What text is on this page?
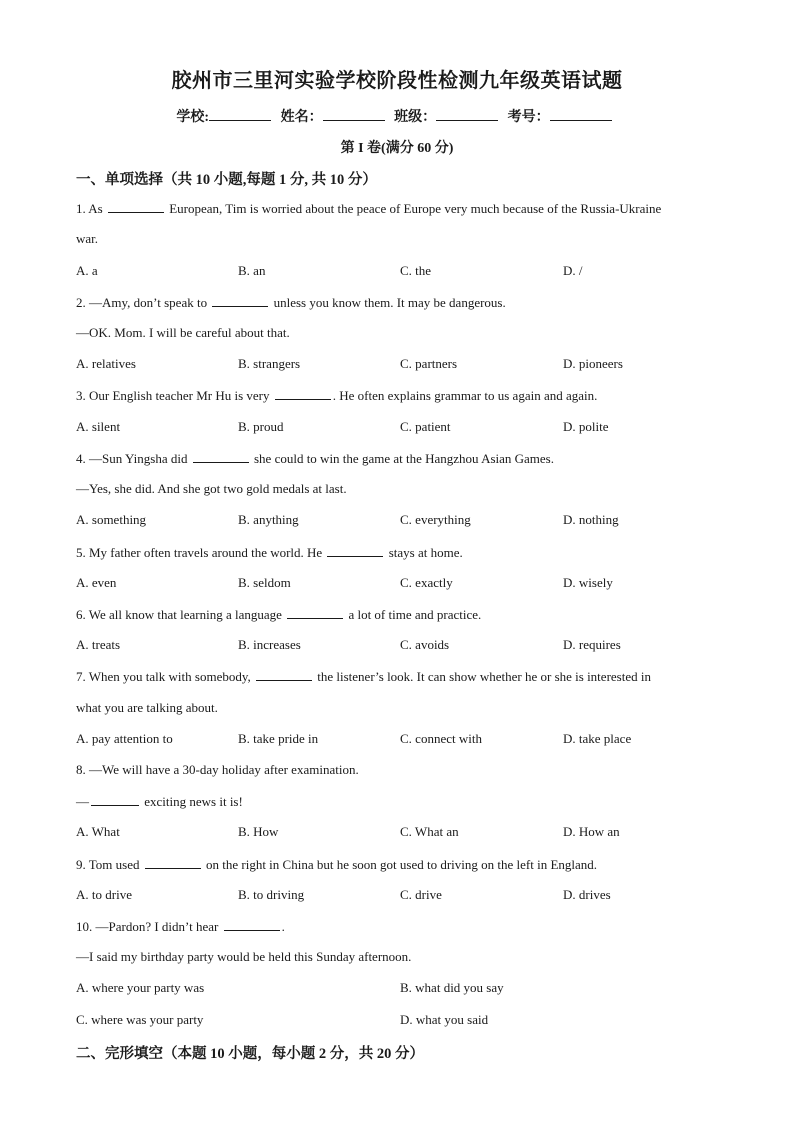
胶州市三里河实验学校阶段性检测九年级英语试题
学校:	姓名：	班级：	考号：
第 I 卷(满分 60 分)
一、单项选择（共 10 小题,每题 1 分, 共 10 分）
1. As	European, Tim is worried about the peace of Europe very much because of the Russia-Ukraine
war.
A. a	B. an	C. the	D. /
2. —Amy, don’t speak to	unless you know them. It may be dangerous.
—OK. Mom. I will be careful about that.
A. relatives	B. strangers	C. partners	D. pioneers
3. Our English teacher Mr Hu is very	. He often explains grammar to us again and again.
A. silent	B. proud	C. patient	D. polite
4. —Sun Yingsha did	she could to win the game at the Hangzhou Asian Games.
—Yes, she did. And she got two gold medals at last.
A. something	B. anything	C. everything	D. nothing
5. My father often travels around the world. He	stays at home.
A. even	B. seldom	C. exactly	D. wisely
6. We all know that learning a language	a lot of time and practice.
A. treats	B. increases	C. avoids	D. requires
7. When you talk with somebody,	the listener’s look. It can show whether he or she is interested in
what you are talking about.
A. pay attention to	B. take pride in	C. connect with	D. take place
8. —We will have a 30-day holiday after examination.
—	exciting news it is!
A. What	B. How	C. What an	D. How an
9. Tom used	on the right in China but he soon got used to driving on the left in England.
A. to drive	B. to driving	C. drive	D. drives
10. —Pardon? I didn’t hear	.
—I said my birthday party would be held this Sunday afternoon.
A. where your party was	B. what did you say
C. where was your party	D. what you said
二、完形填空（本题 10 小题，每小题 2 分，共 20 分）
